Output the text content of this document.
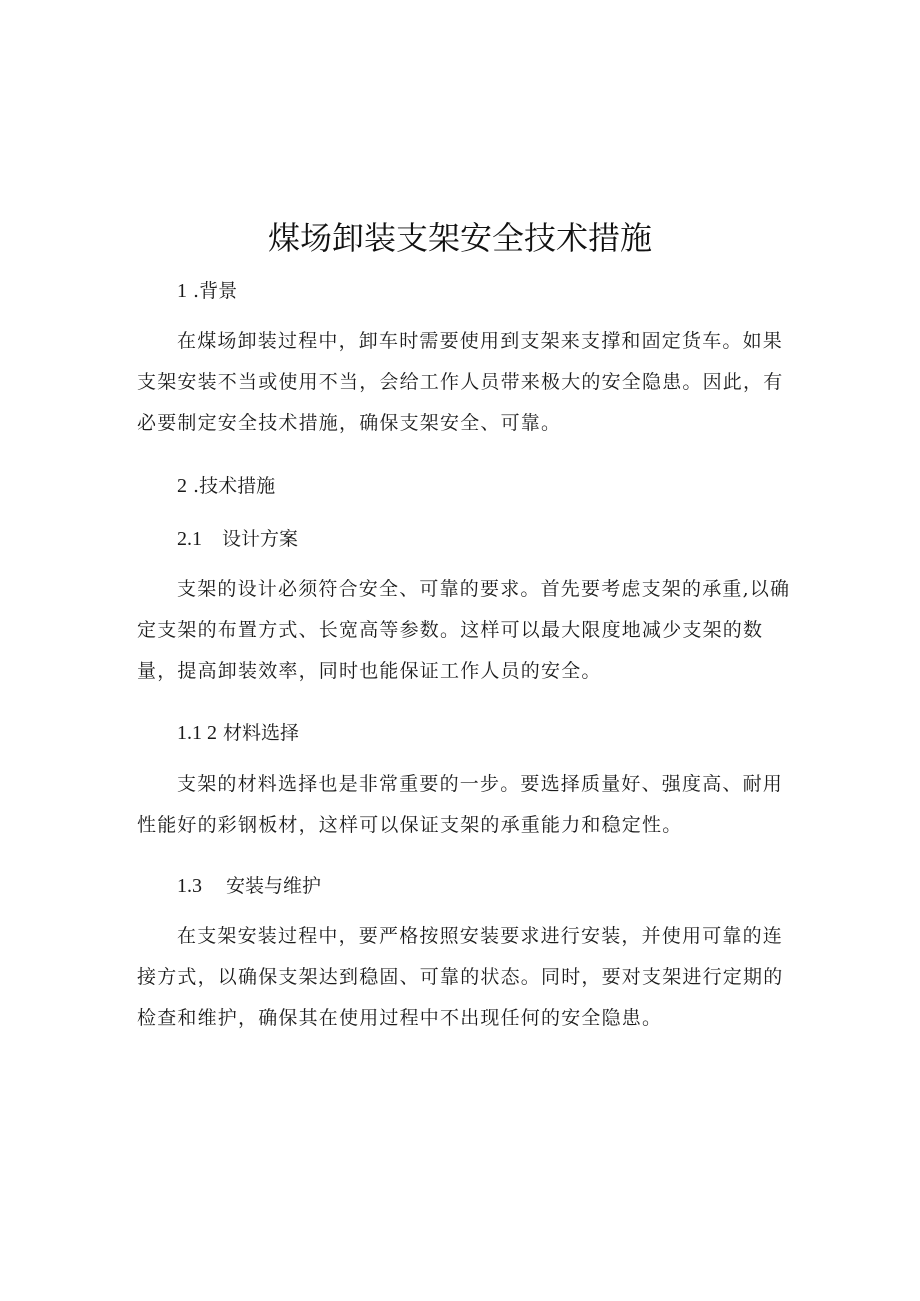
煤场卸装支架安全技术措施
1 .背景
在煤场卸装过程中，卸车时需要使用到支架来支撑和固定货车。如果支架安装不当或使用不当，会给工作人员带来极大的安全隐患。因此，有必要制定安全技术措施，确保支架安全、可靠。
2 .技术措施
2.1 设计方案
支架的设计必须符合安全、可靠的要求。首先要考虑支架的承重,以确定支架的布置方式、长宽高等参数。这样可以最大限度地减少支架的数量，提高卸装效率，同时也能保证工作人员的安全。
1.1 2 材料选择
支架的材料选择也是非常重要的一步。要选择质量好、强度高、耐用性能好的彩钢板材，这样可以保证支架的承重能力和稳定性。
1.3 安装与维护
在支架安装过程中，要严格按照安装要求进行安装，并使用可靠的连接方式，以确保支架达到稳固、可靠的状态。同时，要对支架进行定期的检查和维护，确保其在使用过程中不出现任何的安全隐患。
